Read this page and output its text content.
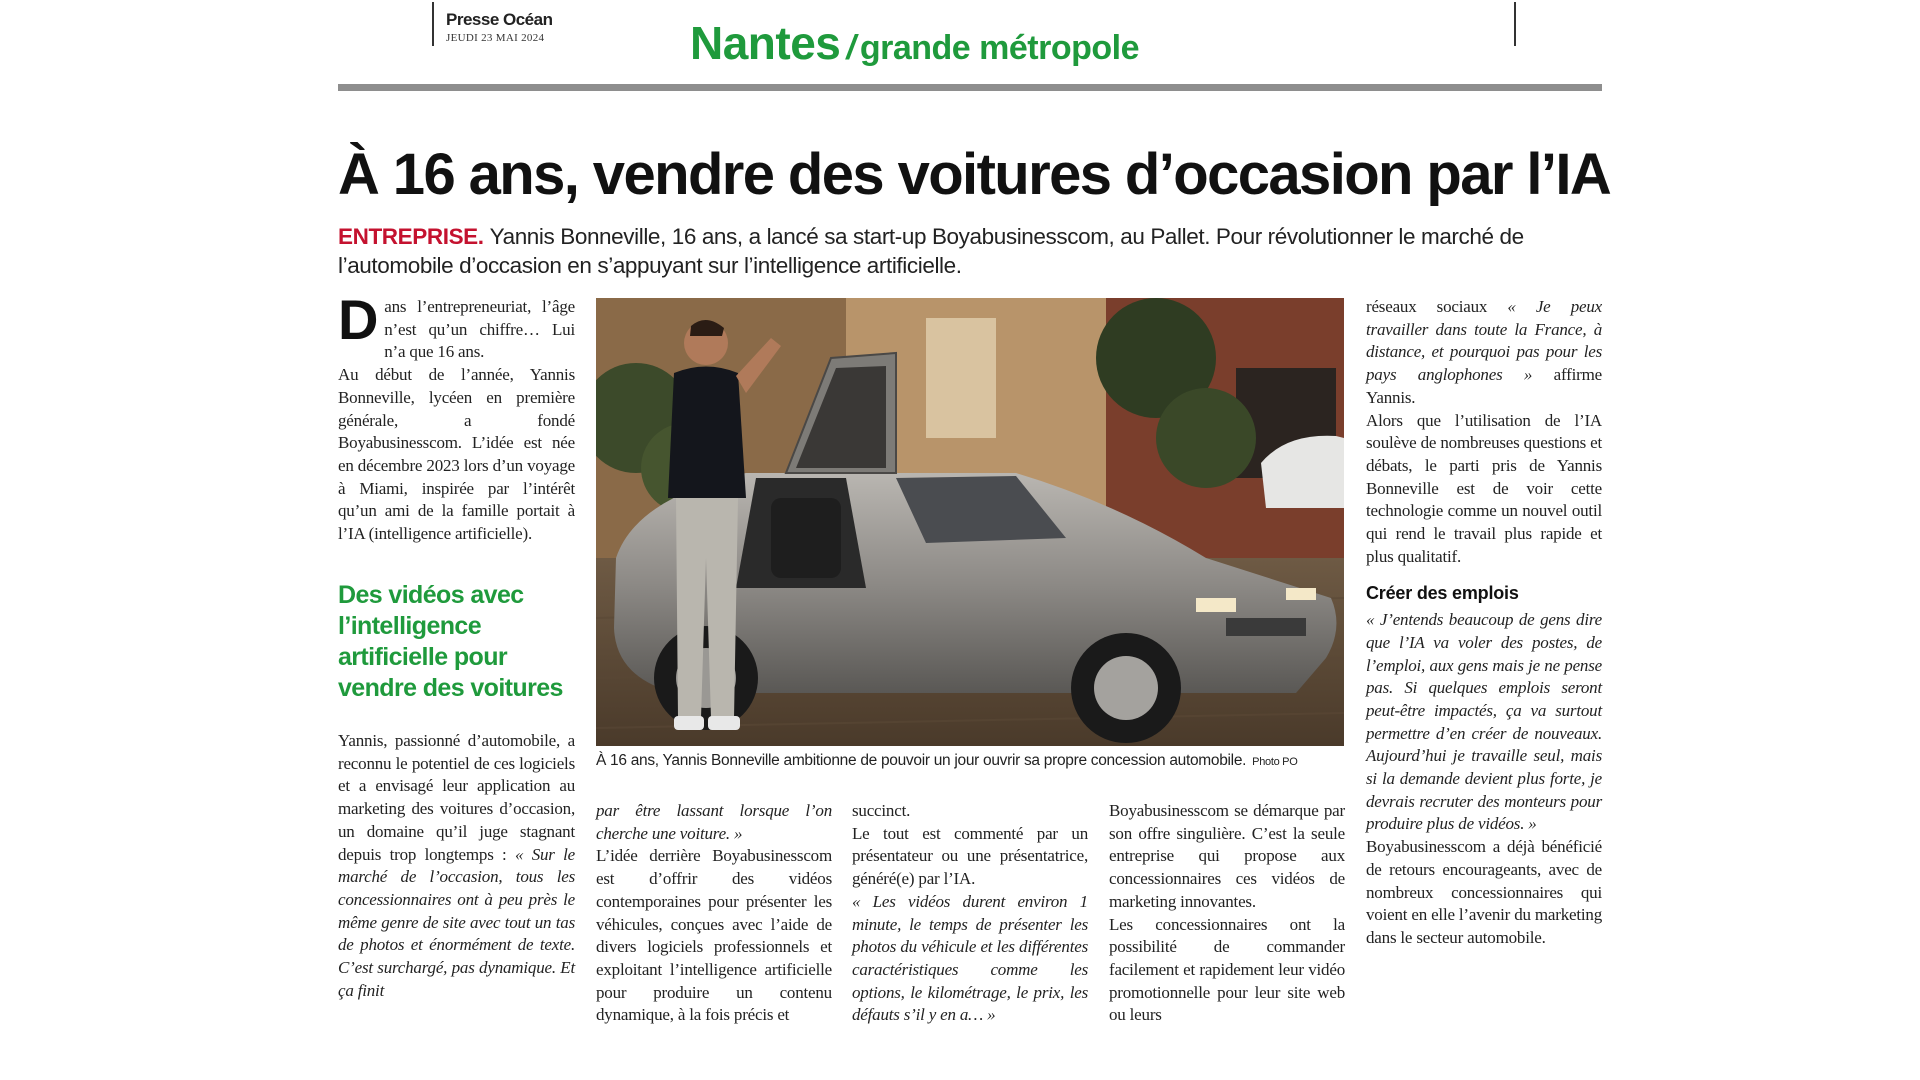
Presse Océan
JEUDI 23 MAI 2024	Nantes / grande métropole
À 16 ans, vendre des voitures d’occasion par l’IA
ENTREPRISE. Yannis Bonneville, 16 ans, a lancé sa start-up Boyabusinesscom, au Pallet. Pour révolutionner le marché de l’automobile d’occasion en s’appuyant sur l’intelligence artificielle.

Dans l’entrepreneuriat, l’âge n’est qu’un chiffre… Lui n’a que 16 ans.

Au début de l’année, Yannis Bonneville, lycéen en première générale, a fondé Boyabusinesscom. L’idée est née en décembre 2023 lors d’un voyage à Miami, inspirée par l’intérêt qu’un ami de la famille portait à l’IA (intelligence artificielle).

Des vidéos avec l’intelligence artificielle pour vendre des voitures

Yannis, passionné d’automobile, a reconnu le potentiel de ces logiciels et a envisagé leur application au marketing des voitures d’occasion, un domaine qu’il juge stagnant depuis trop longtemps : « Sur le marché de l’occasion, tous les concessionnaires ont à peu près le même genre de site avec tout un tas de photos et énormément de texte. C’est surchargé, pas dynamique. Et ça finit

À 16 ans, Yannis Bonneville ambitionne de pouvoir un jour ouvrir sa propre concession automobile. Photo PO

par être lassant lorsque l’on cherche une voiture. »

L’idée derrière Boyabusinesscom est d’offrir des vidéos contemporaines pour présenter les véhicules, conçues avec l’aide de divers logiciels professionnels et exploitant l’intelligence artificielle pour produire un contenu dynamique, à la fois précis et

succinct.

Le tout est commenté par un présentateur ou une présentatrice, généré(e) par l’IA.

« Les vidéos durent environ 1 minute, le temps de présenter les photos du véhicule et les différentes caractéristiques comme les options, le kilométrage, le prix, les défauts s’il y en a… »

Boyabusinesscom se démarque par son offre singulière. C’est la seule entreprise qui propose aux concessionnaires ces vidéos de marketing innovantes.

Les concessionnaires ont la possibilité de commander facilement et rapidement leur vidéo promotionnelle pour leur site web ou leurs

réseaux sociaux « Je peux travailler dans toute la France, à distance, et pourquoi pas pour les pays anglophones » affirme Yannis.

Alors que l’utilisation de l’IA soulève de nombreuses questions et débats, le parti pris de Yannis Bonneville est de voir cette technologie comme un nouvel outil qui rend le travail plus rapide et plus qualitatif.

Créer des emplois

« J’entends beaucoup de gens dire que l’IA va voler des postes, de l’emploi, aux gens mais je ne pense pas. Si quelques emplois seront peut-être impactés, ça va surtout permettre d’en créer de nouveaux. Aujourd’hui je travaille seul, mais si la demande devient plus forte, je devrais recruter des monteurs pour produire plus de vidéos. »

Boyabusinesscom a déjà bénéficié de retours encourageants, avec de nombreux concessionnaires qui voient en elle l’avenir du marketing dans le secteur automobile.
